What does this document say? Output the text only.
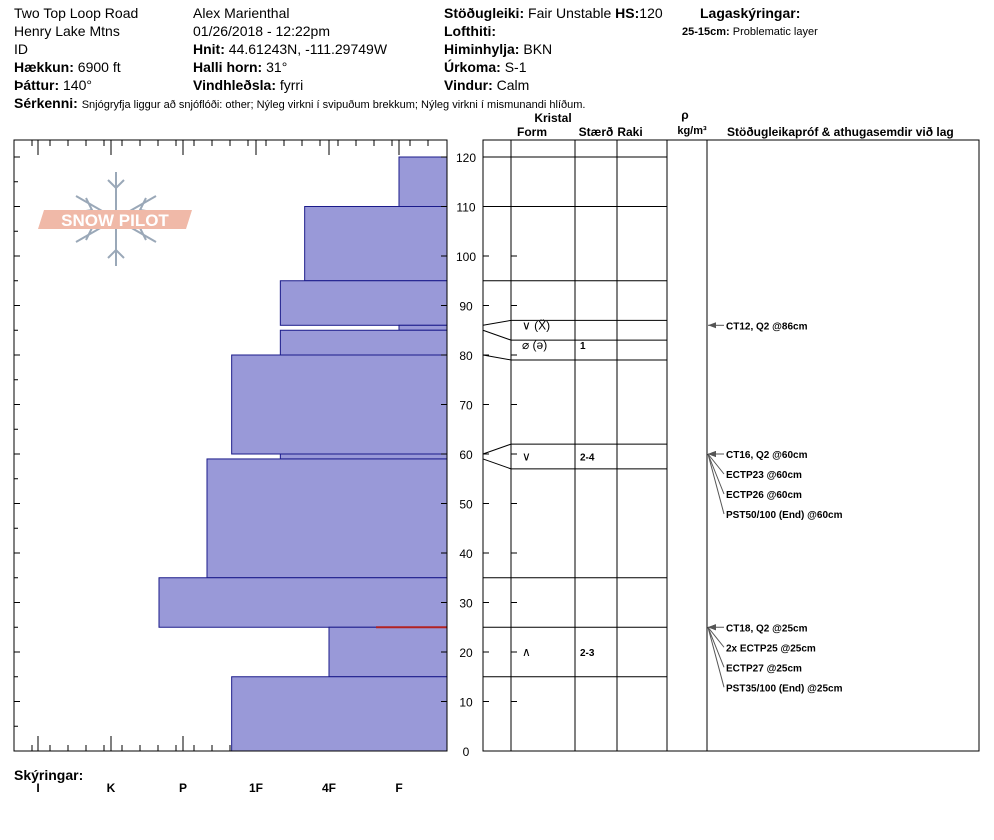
Two Top Loop Road
Henry Lake Mtns
ID
Hækkun: 6900 ft
Þáttur: 140°
Alex Marienthal
01/26/2018 - 12:22pm
Hnit: 44.61243N, -111.29749W
Halli horn: 31°
Vindhleðsla: fyrri
Stöðugleiki: Fair Unstable HS:120
Lofthiti:
Himinhylja: BKN
Úrkoma: S-1
Vindur: Calm
Lagaskýringar:
25-15cm: Problematic layer
Sérkenni: Snjógryfja liggur að snjóflóði: other; Nýleg virkni í svipuðum brekkum; Nýleg virkni í mismunandi hlíðum.
Skýringar:
SNOW PILOT
I	K	P	1F	4F	F
0
10
20
30
40
50
60
70
80
90
100
110
120
Kristal
Form	Stærð Raki
ρ
kg/m³ Stöðugleikapróf & athugasemdir við lag
∨ (Ẍ)
⌀ (ə)	1
∨	2-4
∧	2-3
CT12, Q2 @86cm
CT16, Q2 @60cm
ECTP23 @60cm
ECTP26 @60cm
PST50/100 (End) @60cm
CT18, Q2 @25cm
2x ECTP25 @25cm
ECTP27 @25cm
PST35/100 (End) @25cm
